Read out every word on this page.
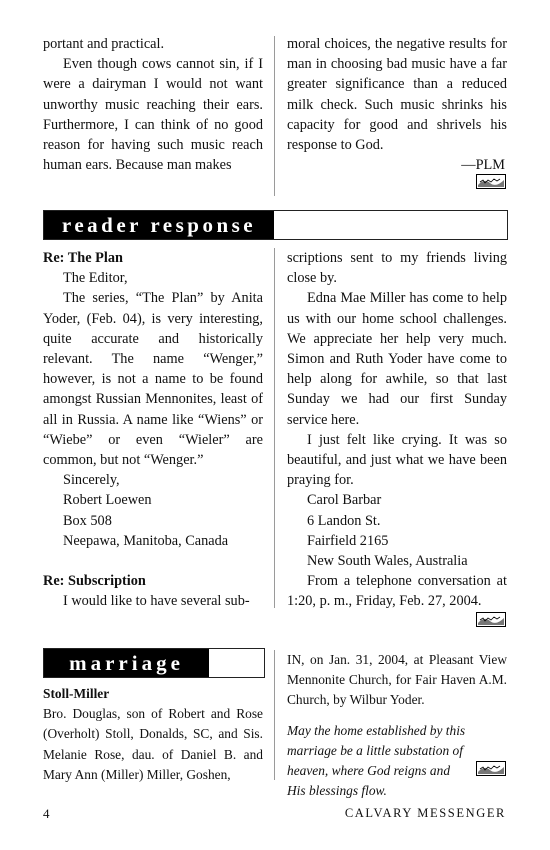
portant and practical.

Even though cows cannot sin, if I were a dairyman I would not want unworthy music reaching their ears. Furthermore, I can think of no good reason for having such music reach human ears. Because man makes

moral choices, the negative results for man in choosing bad music have a far greater significance than a reduced milk check. Such music shrinks his capacity for good and shrivels his response to God.

—PLM

reader response

Re: The Plan

The Editor,

The series, “The Plan” by Anita Yoder, (Feb. 04), is very interesting, quite accurate and historically relevant. The name “Wenger,” however, is not a name to be found amongst Russian Mennonites, least of all in Russia. A name like “Wiens” or “Wiebe” or even “Wieler” are common, but not “Wenger.”

Sincerely,

Robert Loewen

Box 508

Neepawa, Manitoba, Canada

Re: Subscription

I would like to have several sub-

scriptions sent to my friends living close by.

Edna Mae Miller has come to help us with our home school challenges. We appreciate her help very much. Simon and Ruth Yoder have come to help along for awhile, so that last Sunday we had our first Sunday service here.

I just felt like crying. It was so beautiful, and just what we have been praying for.

Carol Barbar

6 Landon St.

Fairfield 2165

New South Wales, Australia

From a telephone conversation at 1:20, p. m., Friday, Feb. 27, 2004.

marriage

Stoll-Miller

Bro. Douglas, son of Robert and Rose (Overholt) Stoll, Donalds, SC, and Sis. Melanie Rose, dau. of Daniel B. and Mary Ann (Miller) Miller, Goshen,

IN, on Jan. 31, 2004, at Pleasant View Mennonite Church, for Fair Haven A.M. Church, by Wilbur Yoder.

May the home established by this marriage be a little substation of heaven, where God reigns and His blessings flow.

4	CALVARY MESSENGER
